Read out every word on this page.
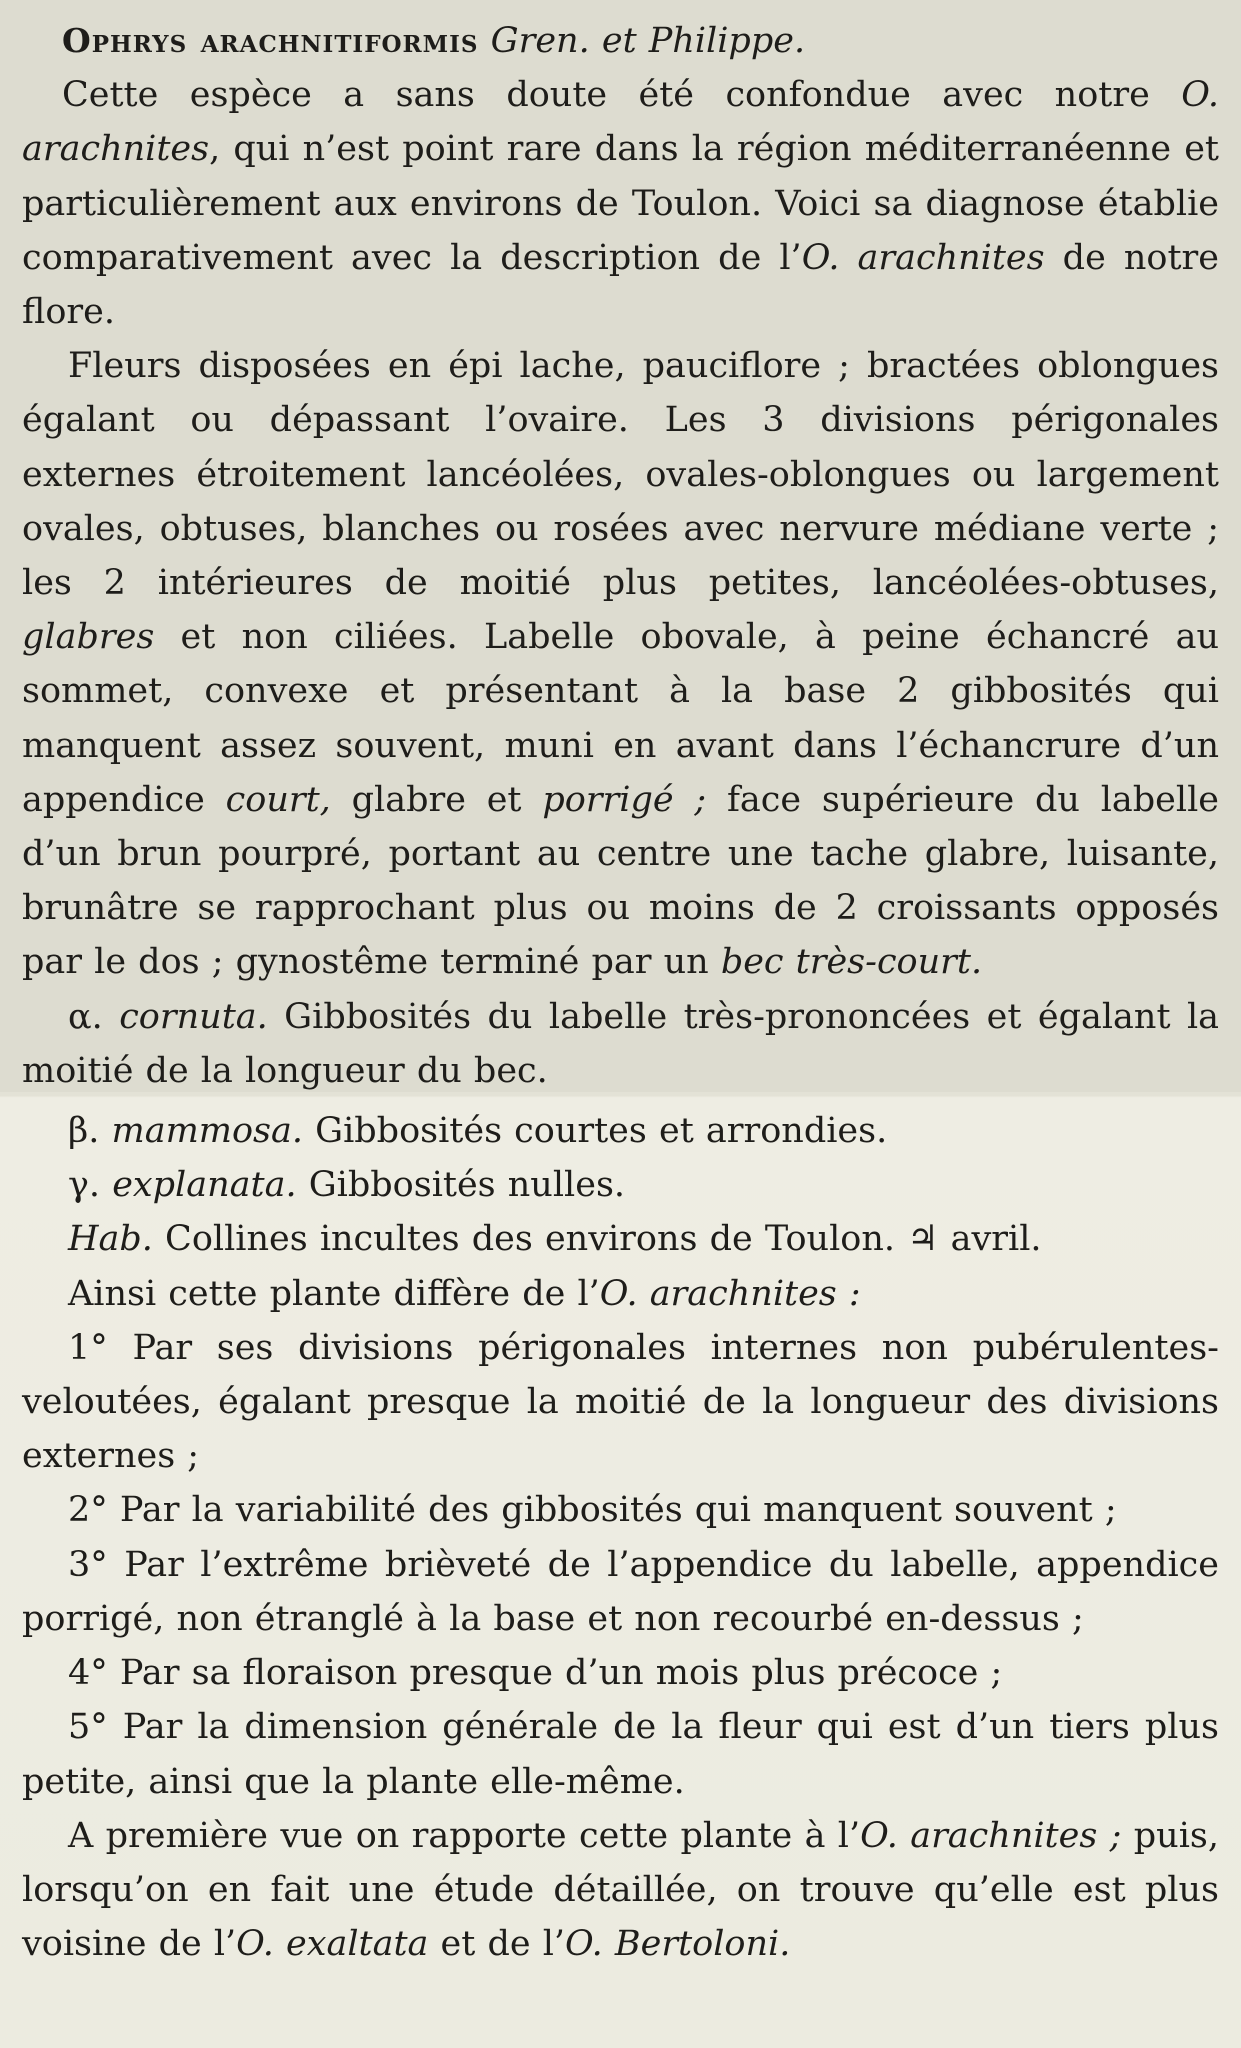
Ophrys arachnitiformis Gren. et Philippe.

Cette espèce a sans doute été confondue avec notre O. arachnites, qui n’est point rare dans la région méditerranéenne et particulièrement aux environs de Toulon. Voici sa diagnose établie comparativement avec la description de l’O. arachnites de notre flore.

Fleurs disposées en épi lache, pauciflore ; bractées oblongues égalant ou dépassant l’ovaire. Les 3 divisions périgonales externes étroitement lancéolées, ovales-oblongues ou largement ovales, obtuses, blanches ou rosées avec nervure médiane verte ; les 2 intérieures de moitié plus petites, lancéolées-obtuses, glabres et non ciliées. Labelle obovale, à peine échancré au sommet, convexe et présentant à la base 2 gibbosités qui manquent assez souvent, muni en avant dans l’échancrure d’un appendice court, glabre et porrigé ; face supérieure du labelle d’un brun pourpré, portant au centre une tache glabre, luisante, brunâtre se rapprochant plus ou moins de 2 croissants opposés par le dos ; gynostême terminé par un bec très-court.

α. cornuta. Gibbosités du labelle très-prononcées et égalant la moitié de la longueur du bec.

β. mammosa. Gibbosités courtes et arrondies.

γ. explanata. Gibbosités nulles.

Hab. Collines incultes des environs de Toulon. ♃ avril.

Ainsi cette plante diffère de l’O. arachnites :

1° Par ses divisions périgonales internes non pubérulentes-veloutées, égalant presque la moitié de la longueur des divisions externes ;

2° Par la variabilité des gibbosités qui manquent souvent ;

3° Par l’extrême brièveté de l’appendice du labelle, appendice porrigé, non étranglé à la base et non recourbé en-dessus ;

4° Par sa floraison presque d’un mois plus précoce ;

5° Par la dimension générale de la fleur qui est d’un tiers plus petite, ainsi que la plante elle-même.

A première vue on rapporte cette plante à l’O. arachnites ; puis, lorsqu’on en fait une étude détaillée, on trouve qu’elle est plus voisine de l’O. exaltata et de l’O. Bertoloni.
